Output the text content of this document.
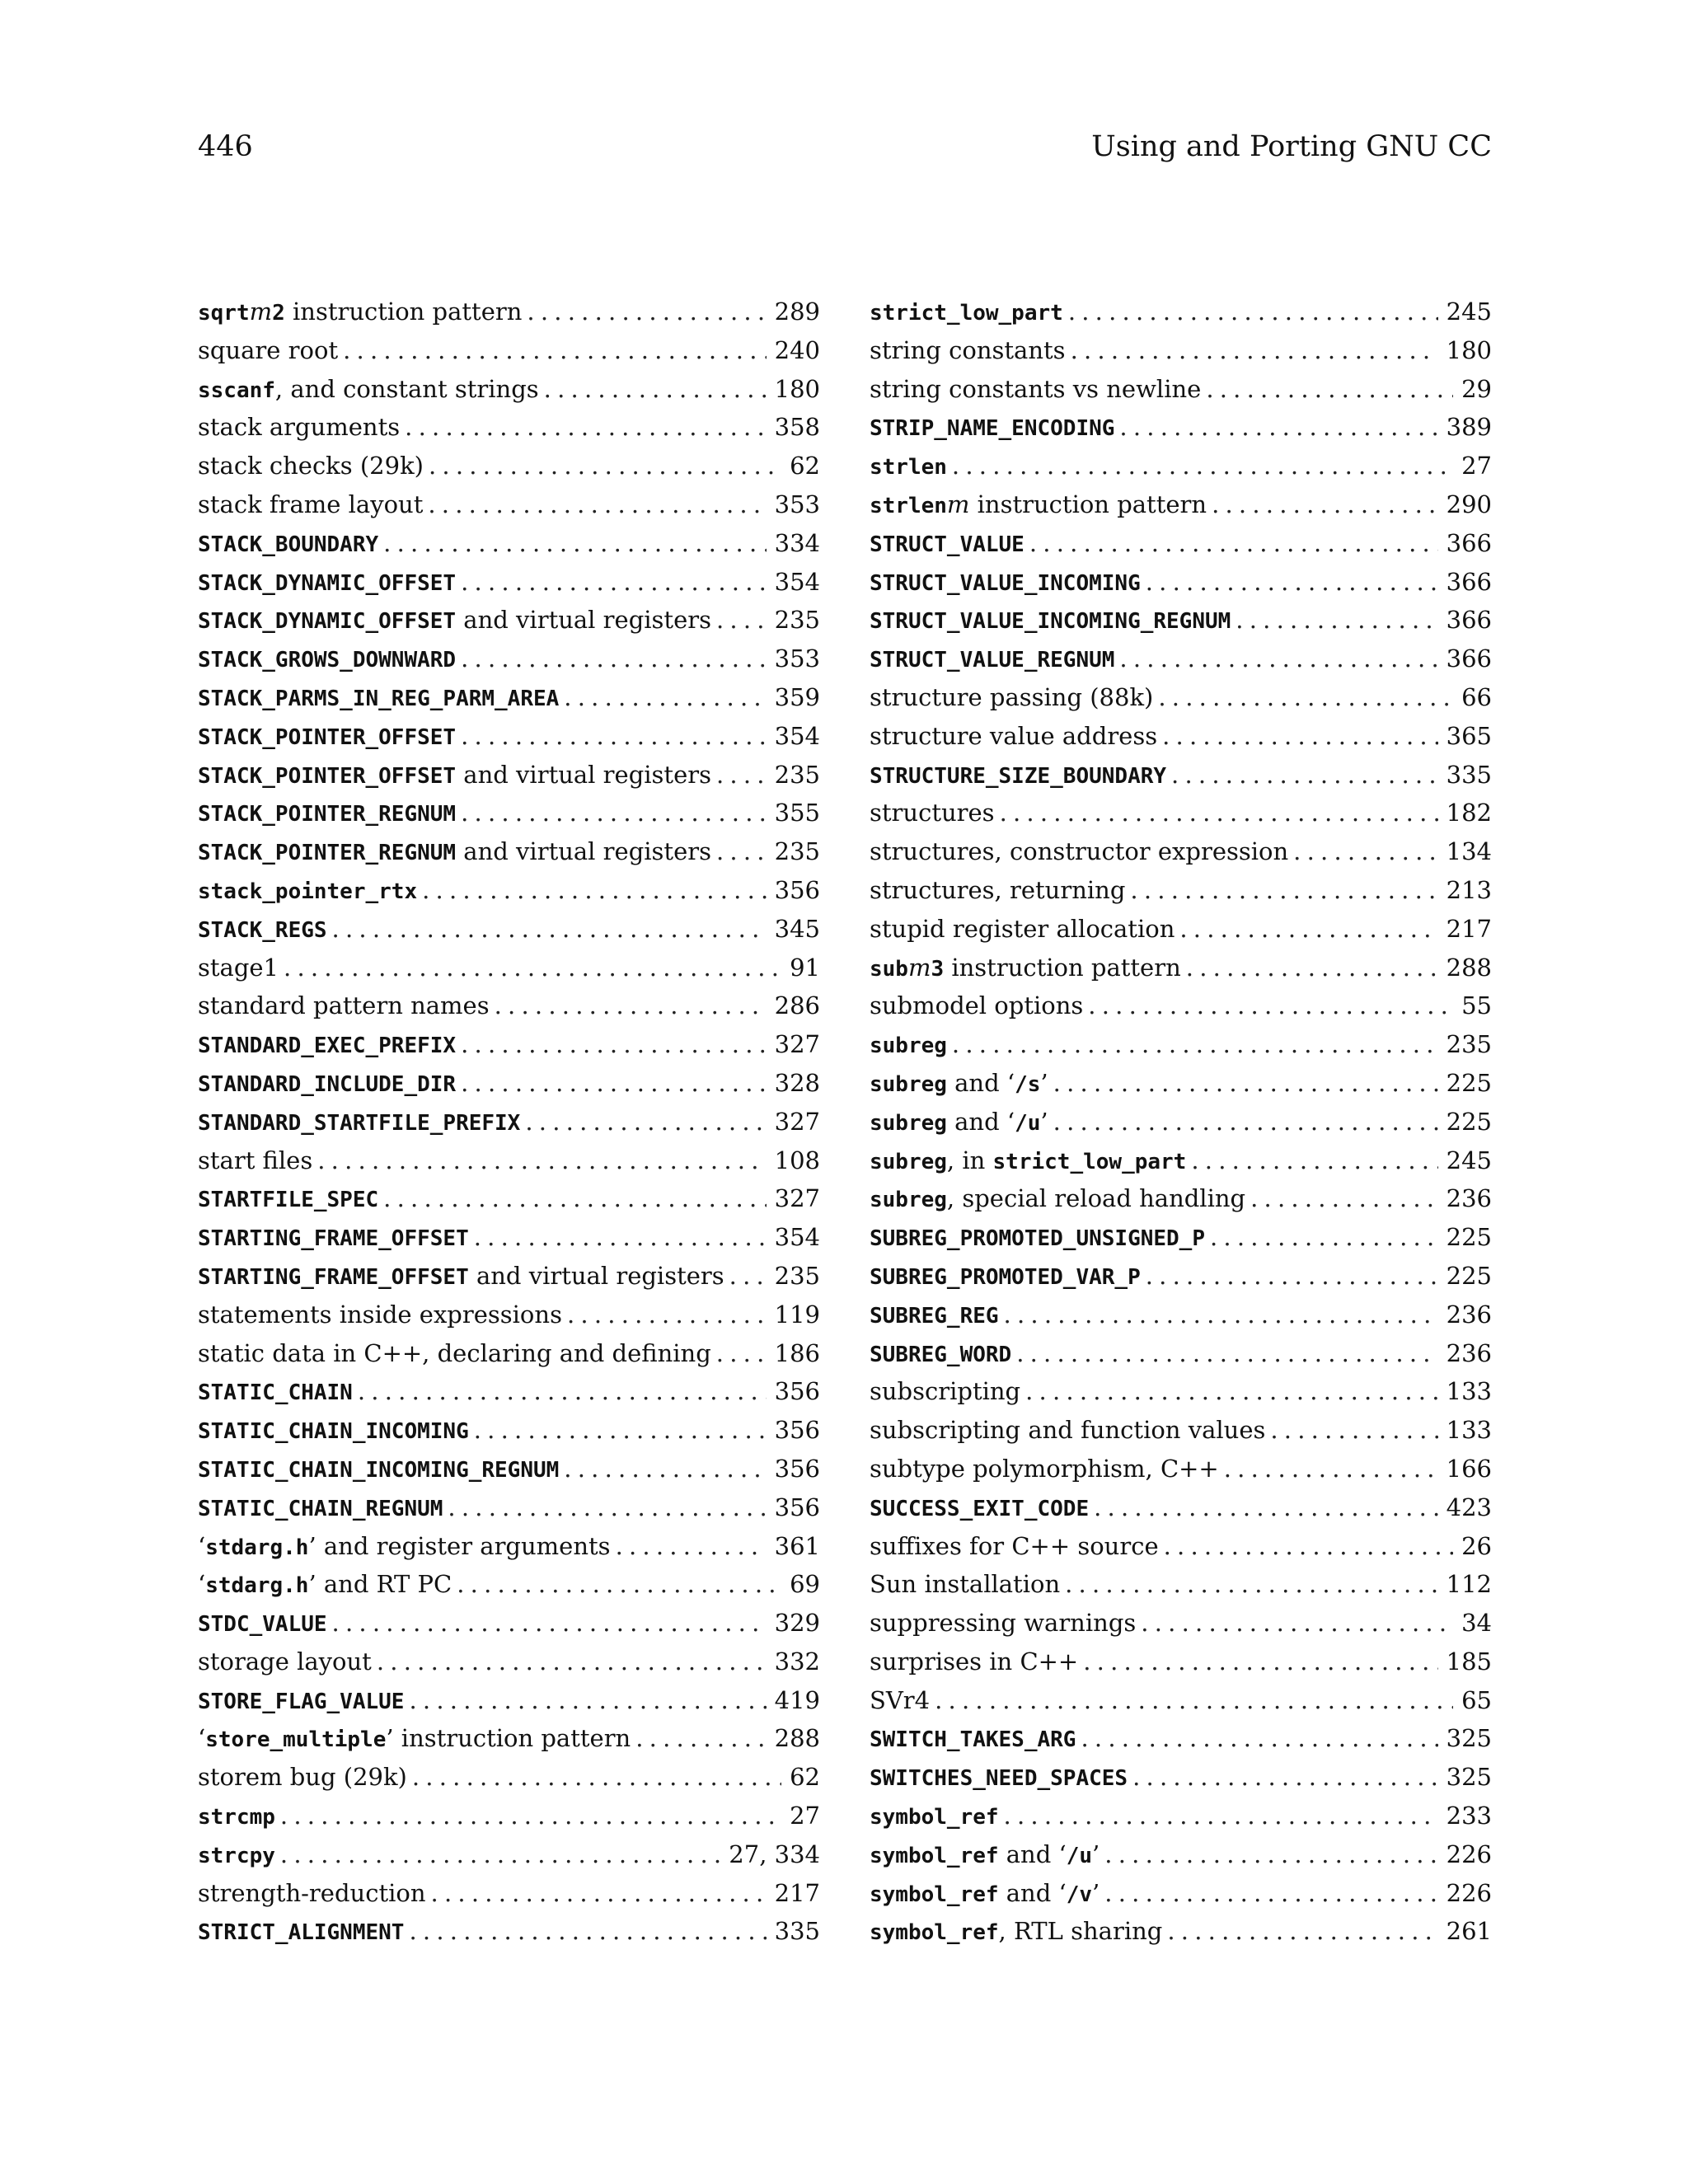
446	Using and Porting GNU CC
sqrtm2 instruction pattern . . .	289
square root . . .	240
sscanf, and constant strings . . .	180
stack arguments . . .	358
stack checks (29k) . . .	62
stack frame layout . . .	353
STACK_BOUNDARY . . .	334
STACK_DYNAMIC_OFFSET . . .	354
STACK_DYNAMIC_OFFSET and virtual registers . . .	235
STACK_GROWS_DOWNWARD . . .	353
STACK_PARMS_IN_REG_PARM_AREA . . .	359
STACK_POINTER_OFFSET . . .	354
STACK_POINTER_OFFSET and virtual registers . . .	235
STACK_POINTER_REGNUM . . .	355
STACK_POINTER_REGNUM and virtual registers . . .	235
stack_pointer_rtx . . .	356
STACK_REGS . . .	345
stage1 . . .	91
standard pattern names . . .	286
STANDARD_EXEC_PREFIX . . .	327
STANDARD_INCLUDE_DIR . . .	328
STANDARD_STARTFILE_PREFIX . . .	327
start files . . .	108
STARTFILE_SPEC . . .	327
STARTING_FRAME_OFFSET . . .	354
STARTING_FRAME_OFFSET and virtual registers . . . 235
statements inside expressions . . .	119
static data in C++, declaring and defining . . .	186
STATIC_CHAIN . . .	356
STATIC_CHAIN_INCOMING . . .	356
STATIC_CHAIN_INCOMING_REGNUM . . .	356
STATIC_CHAIN_REGNUM . . .	356
‘stdarg.h’ and register arguments . . .	361
‘stdarg.h’ and RT PC . . .	69
STDC_VALUE . . .	329
storage layout . . .	332
STORE_FLAG_VALUE . . .	419
‘store_multiple’ instruction pattern . . .	288
storem bug (29k) . . .	62
strcmp . . .	27
strcpy . . .	27, 334
strength-reduction . . .	217
STRICT_ALIGNMENT . . .	335
strict_low_part . . .	245
string constants . . .	180
string constants vs newline . . .	29
STRIP_NAME_ENCODING . . .	389
strlen . . .	27
strlenm instruction pattern . . .	290
STRUCT_VALUE . . .	366
STRUCT_VALUE_INCOMING . . .	366
STRUCT_VALUE_INCOMING_REGNUM . . .	366
STRUCT_VALUE_REGNUM . . .	366
structure passing (88k) . . .	66
structure value address . . .	365
STRUCTURE_SIZE_BOUNDARY . . .	335
structures . . .	182
structures, constructor expression . . .	134
structures, returning . . .	213
stupid register allocation . . .	217
subm3 instruction pattern . . .	288
submodel options . . .	55
subreg . . .	235
subreg and ‘/s’ . . .	225
subreg and ‘/u’ . . .	225
subreg, in strict_low_part . . .	245
subreg, special reload handling . . .	236
SUBREG_PROMOTED_UNSIGNED_P . . .	225
SUBREG_PROMOTED_VAR_P . . .	225
SUBREG_REG . . .	236
SUBREG_WORD . . .	236
subscripting . . .	133
subscripting and function values . . .	133
subtype polymorphism, C++ . . .	166
SUCCESS_EXIT_CODE . . .	423
suffixes for C++ source . . .	26
Sun installation . . .	112
suppressing warnings . . .	34
surprises in C++ . . .	185
SVr4 . . .	65
SWITCH_TAKES_ARG . . .	325
SWITCHES_NEED_SPACES . . .	325
symbol_ref . . .	233
symbol_ref and ‘/u’ . . .	226
symbol_ref and ‘/v’ . . .	226
symbol_ref, RTL sharing . . .	261
